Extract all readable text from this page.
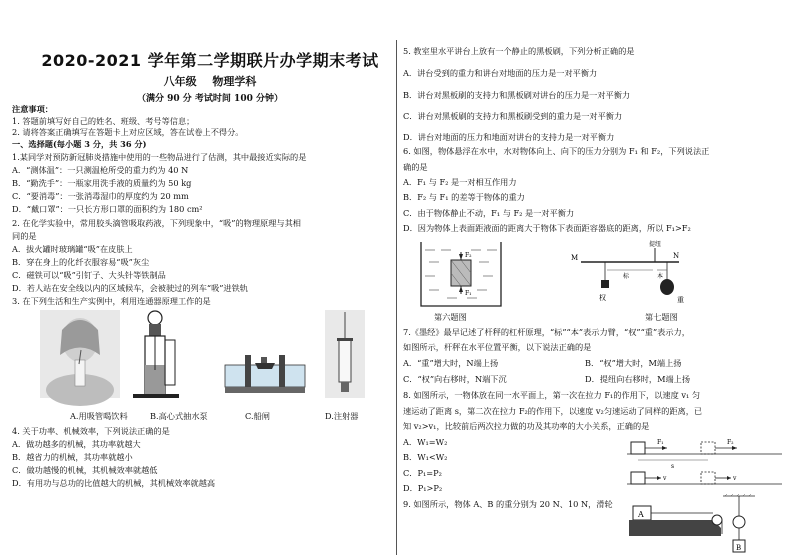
2020-2021 学年第二学期联片办学期末考试
八年级 物理学科
（满分 90 分 考试时间 100 分钟）
注意事项：
1. 答题前填写好自己的姓名、班级、考号等信息；
2. 请将答案正确填写在答题卡上对应区域，答在试卷上不得分。
一、选择题(每小题 3 分，共 36 分)
1.某同学对预防新冠肺炎措施中使用的一些物品进行了估测，其中最接近实际的是
A．“测体温”：一只测温枪所受的重力约为 40 N
B．“勤洗手”：一瓶家用洗手液的质量约为 50 kg
C．“要消毒”：一张消毒湿巾的厚度约为 20 mm
D．“戴口罩”：一只长方形口罩的面积约为 180 cm²
2. 在化学实验中，常用胶头滴管吸取药液，下列现象中，“吸”的物理原理与其相
同的是
A．拔火罐时玻璃罐“吸”在皮肤上
B．穿在身上的化纤衣服容易“吸”灰尘
C．磁铁可以“吸”引钉子、大头针等铁制品
D．若人站在安全线以内的区域候车，会被驶过的列车“吸”进铁轨
3. 在下列生活和生产实例中，利用连通器原理工作的是
A.用吸管喝饮料	B.高心式抽水泵	C.船闸	D.注射器
4. 关于功率、机械效率，下列说法正确的是
A．做功越多的机械，其功率就越大
B．越省力的机械，其功率就越小
C．做功越慢的机械，其机械效率就越低
D．有用功与总功的比值越大的机械，其机械效率就越高
5. 教室里水平讲台上放有一个静止的黑板刷，下列分析正确的是
A．讲台受到的重力和讲台对地面的压力是一对平衡力
B．讲台对黑板刷的支持力和黑板刷对讲台的压力是一对平衡力
C．讲台对黑板刷的支持力和黑板刷受到的重力是一对平衡力
D．讲台对地面的压力和地面对讲台的支持力是一对平衡力
6. 如图，物体悬浮在水中，水对物体向上、向下的压力分别为 F₁ 和 F₂，下列说法正
确的是
A．F₁ 与 F₂ 是一对相互作用力
B．F₂ 与 F₁ 的差等于物体的重力
C．由于物体静止不动，F₁ 与 F₂ 是一对平衡力
D．因为物体上表面距液面的距离大于物体下表面距容器底的距离，所以 F₁>F₂
F₂
F₁
第六题图
M	N
提纽
权	重
标	本
第七题图
7.《墨经》最早记述了杆秤的杠杆原理，“标”“本”表示力臂，“权”“重”表示力，
如图所示，杆秤在水平位置平衡，以下说法正确的是
A．“重”增大时，N端上扬	B．“权”增大时，M端上扬
C．“权”向右移时，N端下沉	D．提纽向右移时，M端上扬
8. 如图所示，一物体放在同一水平面上，第一次在拉力 F₁的作用下，以速度 v₁ 匀
速运动了距离 s，第二次在拉力 F₂的作用下，以速度 v₂匀速运动了同样的距离，已
知 v₂>v₁，比较前后两次拉力做的功及其功率的大小关系，正确的是
A．W₁=W₂
B．W₁<W₂
C．P₁=P₂
D．P₁>P₂
F₁	F₂
s
v	v
9. 如图所示，物体 A、B 的重分别为 20 N、10 N，滑轮
A
B
